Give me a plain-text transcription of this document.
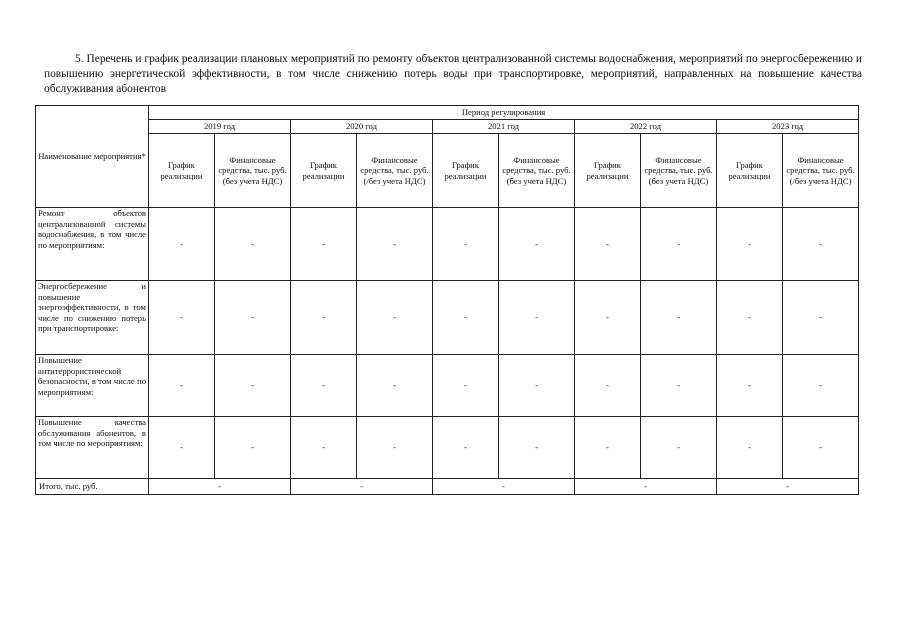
5. Перечень и график реализации плановых мероприятий по ремонту объектов централизованной системы водоснабжения, мероприятий по энергосбережению и повышению энергетической эффективности, в том числе снижению потерь воды при транспортировке, мероприятий, направленных на повышение качества обслуживания абонентов

Наименование мероприятия*	Период регулирования									
	2019 год		2020 год		2021 год		2022 год		2023 год	
	График реализации	Финансовые средства, тыс. руб. (без учета НДС)	График реализации	Финансовые средства, тыс. руб. (/без учета НДС)	График реализации	Финансовые средства, тыс. руб. (без учета НДС)	График реализации	Финансовые средства, тыс. руб. (без учета НДС)	График реализации	Финансовые средства, тыс. руб. (/без учета НДС)
Ремонт объектов централизованной системы водоснабжения, в том числе по мероприятиям:	-	-	-	-	-	-	-	-	-	-
Энергосбережение и повышение энергоэффективности, в том числе по снижению потерь при транспортировке:	-	-	-	-	-	-	-	-	-	-
Повышение антитеррористической безопасности, в том числе по мероприятиям:	-	-	-	-	-	-	-	-	-	-
Повышение качества обслуживания абонентов, в том числе по мероприятиям:	-	-	-	-	-	-	-	-	-	-
Итого, тыс. руб.	-		-		-		-		-	
